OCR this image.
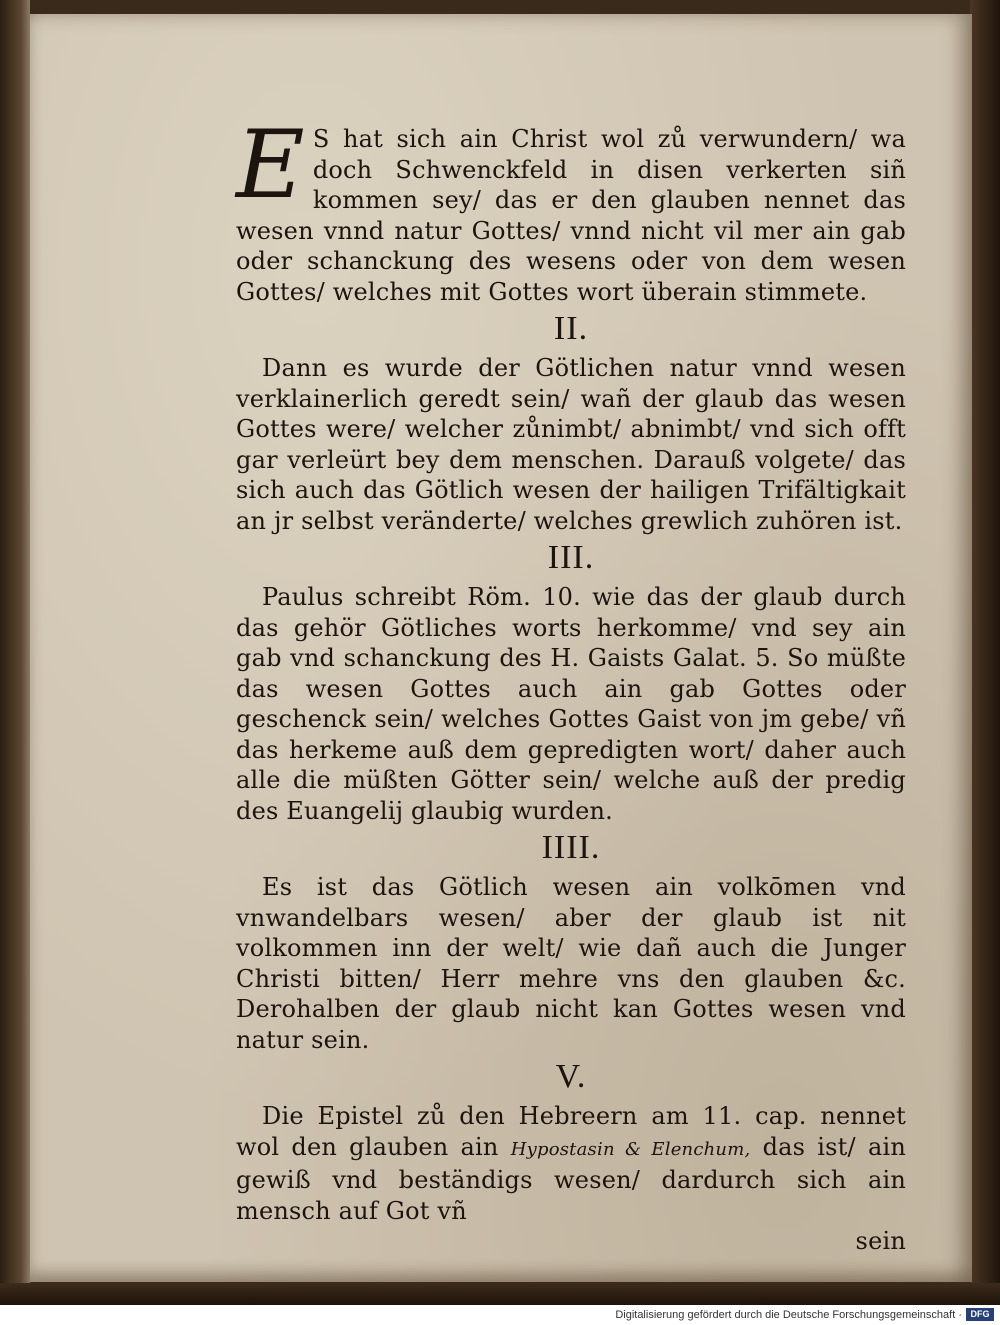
E S hat sich ain Christ wol zů verwundern/ wa doch Schwenckfeld in disen verkerten siñ kommen sey/ das er den glauben nennet das wesen vnnd natur Gottes/ vnnd nicht vil mer ain gab oder schanckung des wesens oder von dem wesen Gottes/ welches mit Gottes wort überain stimmete.

II.

Dann es wurde der Götlichen natur vnnd wesen verklainerlich geredt sein/ wañ der glaub das wesen Gottes were/ welcher zůnimbt/ abnimbt/ vnd sich offt gar verleürt bey dem menschen. Darauß volgete/ das sich auch das Götlich wesen der hailigen Trifältigkait an jr selbst veränderte/ welches grewlich zuhören ist.

III.

Paulus schreibt Röm. 10. wie das der glaub durch das gehör Götliches worts herkomme/ vnd sey ain gab vnd schanckung des H. Gaists Galat. 5. So müßte das wesen Gottes auch ain gab Gottes oder geschenck sein/ welches Gottes Gaist von jm gebe/ vñ das herkeme auß dem gepredigten wort/ daher auch alle die müßten Götter sein/ welche auß der predig des Euangelij glaubig wurden.

IIII.

Es ist das Götlich wesen ain volkōmen vnd vnwandelbars wesen/ aber der glaub ist nit volkommen inn der welt/ wie dañ auch die Junger Christi bitten/ Herr mehre vns den glauben &c. Derohalben der glaub nicht kan Gottes wesen vnd natur sein.

V.

Die Epistel zů den Hebreern am 11. cap. nennet wol den glauben ain Hypostasin & Elenchum, das ist/ ain gewiß vnd beständigs wesen/ dardurch sich ain mensch auf Got vñ

sein

Digitalisierung gefördert durch die Deutsche Forschungsgemeinschaft · DFG
